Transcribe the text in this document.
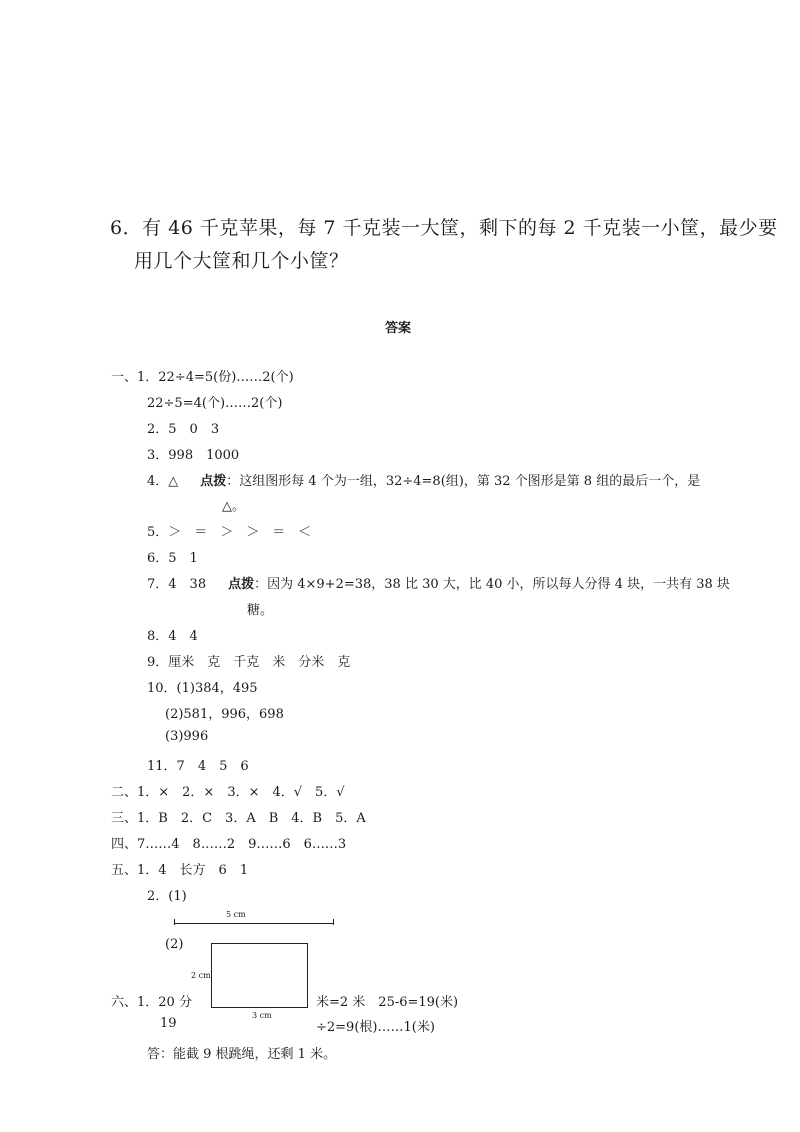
6．有 46 千克苹果，每 7 千克装一大筐，剩下的每 2 千克装一小筐，最少要
用几个大筐和几个小筐？
答案
一、1．22÷4=5(份)……2(个)
22÷5=4(个)……2(个)
2．5　0　3
3．998　1000
4．△ 点拨：这组图形每 4 个为一组，32÷4=8(组)，第 32 个图形是第 8 组的最后一个，是
△。
5．＞　＝　＞　＞　＝　＜
6．5　1
7．4　38 点拨：因为 4×9+2=38，38 比 30 大，比 40 小，所以每人分得 4 块，一共有 38 块
糖。
8．4　4
9．厘米　克　千克　米　分米　克
10．(1)384，495
(2)581，996，698
(3)996
11．7　4　5　6
二、1．×　2．×　3．×　4．√　5．√
三、1．B　2．C　3．A　B　4．B　5．A
四、7……4　8……2　9……6　6……3
五、1．4　长方　6　1
2．(1)
5 cm
(2)
2 cm
3 cm
六、1．20 分	米=2 米　25-6=19(米)
19	÷2=9(根)……1(米)
答：能截 9 根跳绳，还剩 1 米。
